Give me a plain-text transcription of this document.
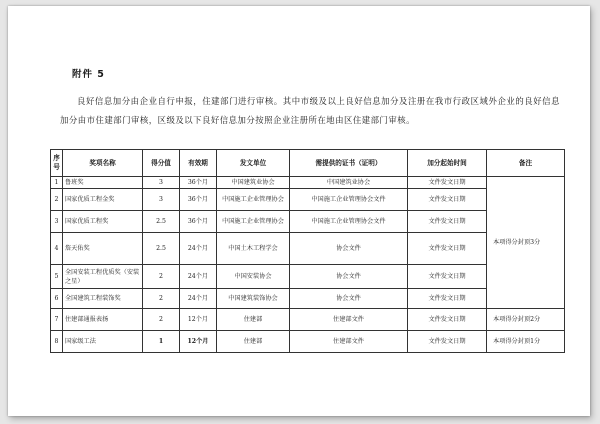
附件 5
良好信息加分由企业自行申报，住建部门进行审核。其中市级及以上良好信息加分及注册在我市行政区域外企业的良好信息加分由市住建部门审核，区级及以下良好信息加分按照企业注册所在地由区住建部门审核。
序号	奖项名称	得分值	有效期	发文单位	需提供的证书（证明）	加分起始时间	备注
1	鲁班奖	3	36个月	中国建筑业协会	中国建筑业协会	文件发文日期	本项得分封顶3分
2	国家优质工程金奖	3	36个月	中国施工企业管理协会	中国施工企业管理协会文件	文件发文日期	
3	国家优质工程奖	2.5	36个月	中国施工企业管理协会	中国施工企业管理协会文件	文件发文日期	
4	詹天佑奖	2.5	24个月	中国土木工程学会	协会文件	文件发文日期	
5	全国安装工程优质奖（安装之星）	2	24个月	中国安装协会	协会文件	文件发文日期	
6	全国建筑工程装饰奖	2	24个月	中国建筑装饰协会	协会文件	文件发文日期	
7	住建部通报表扬	2	12个月	住建部	住建部文件	文件发文日期	本项得分封顶2分
8	国家级工法	1	12个月	住建部	住建部文件	文件发文日期	本项得分封顶1分
